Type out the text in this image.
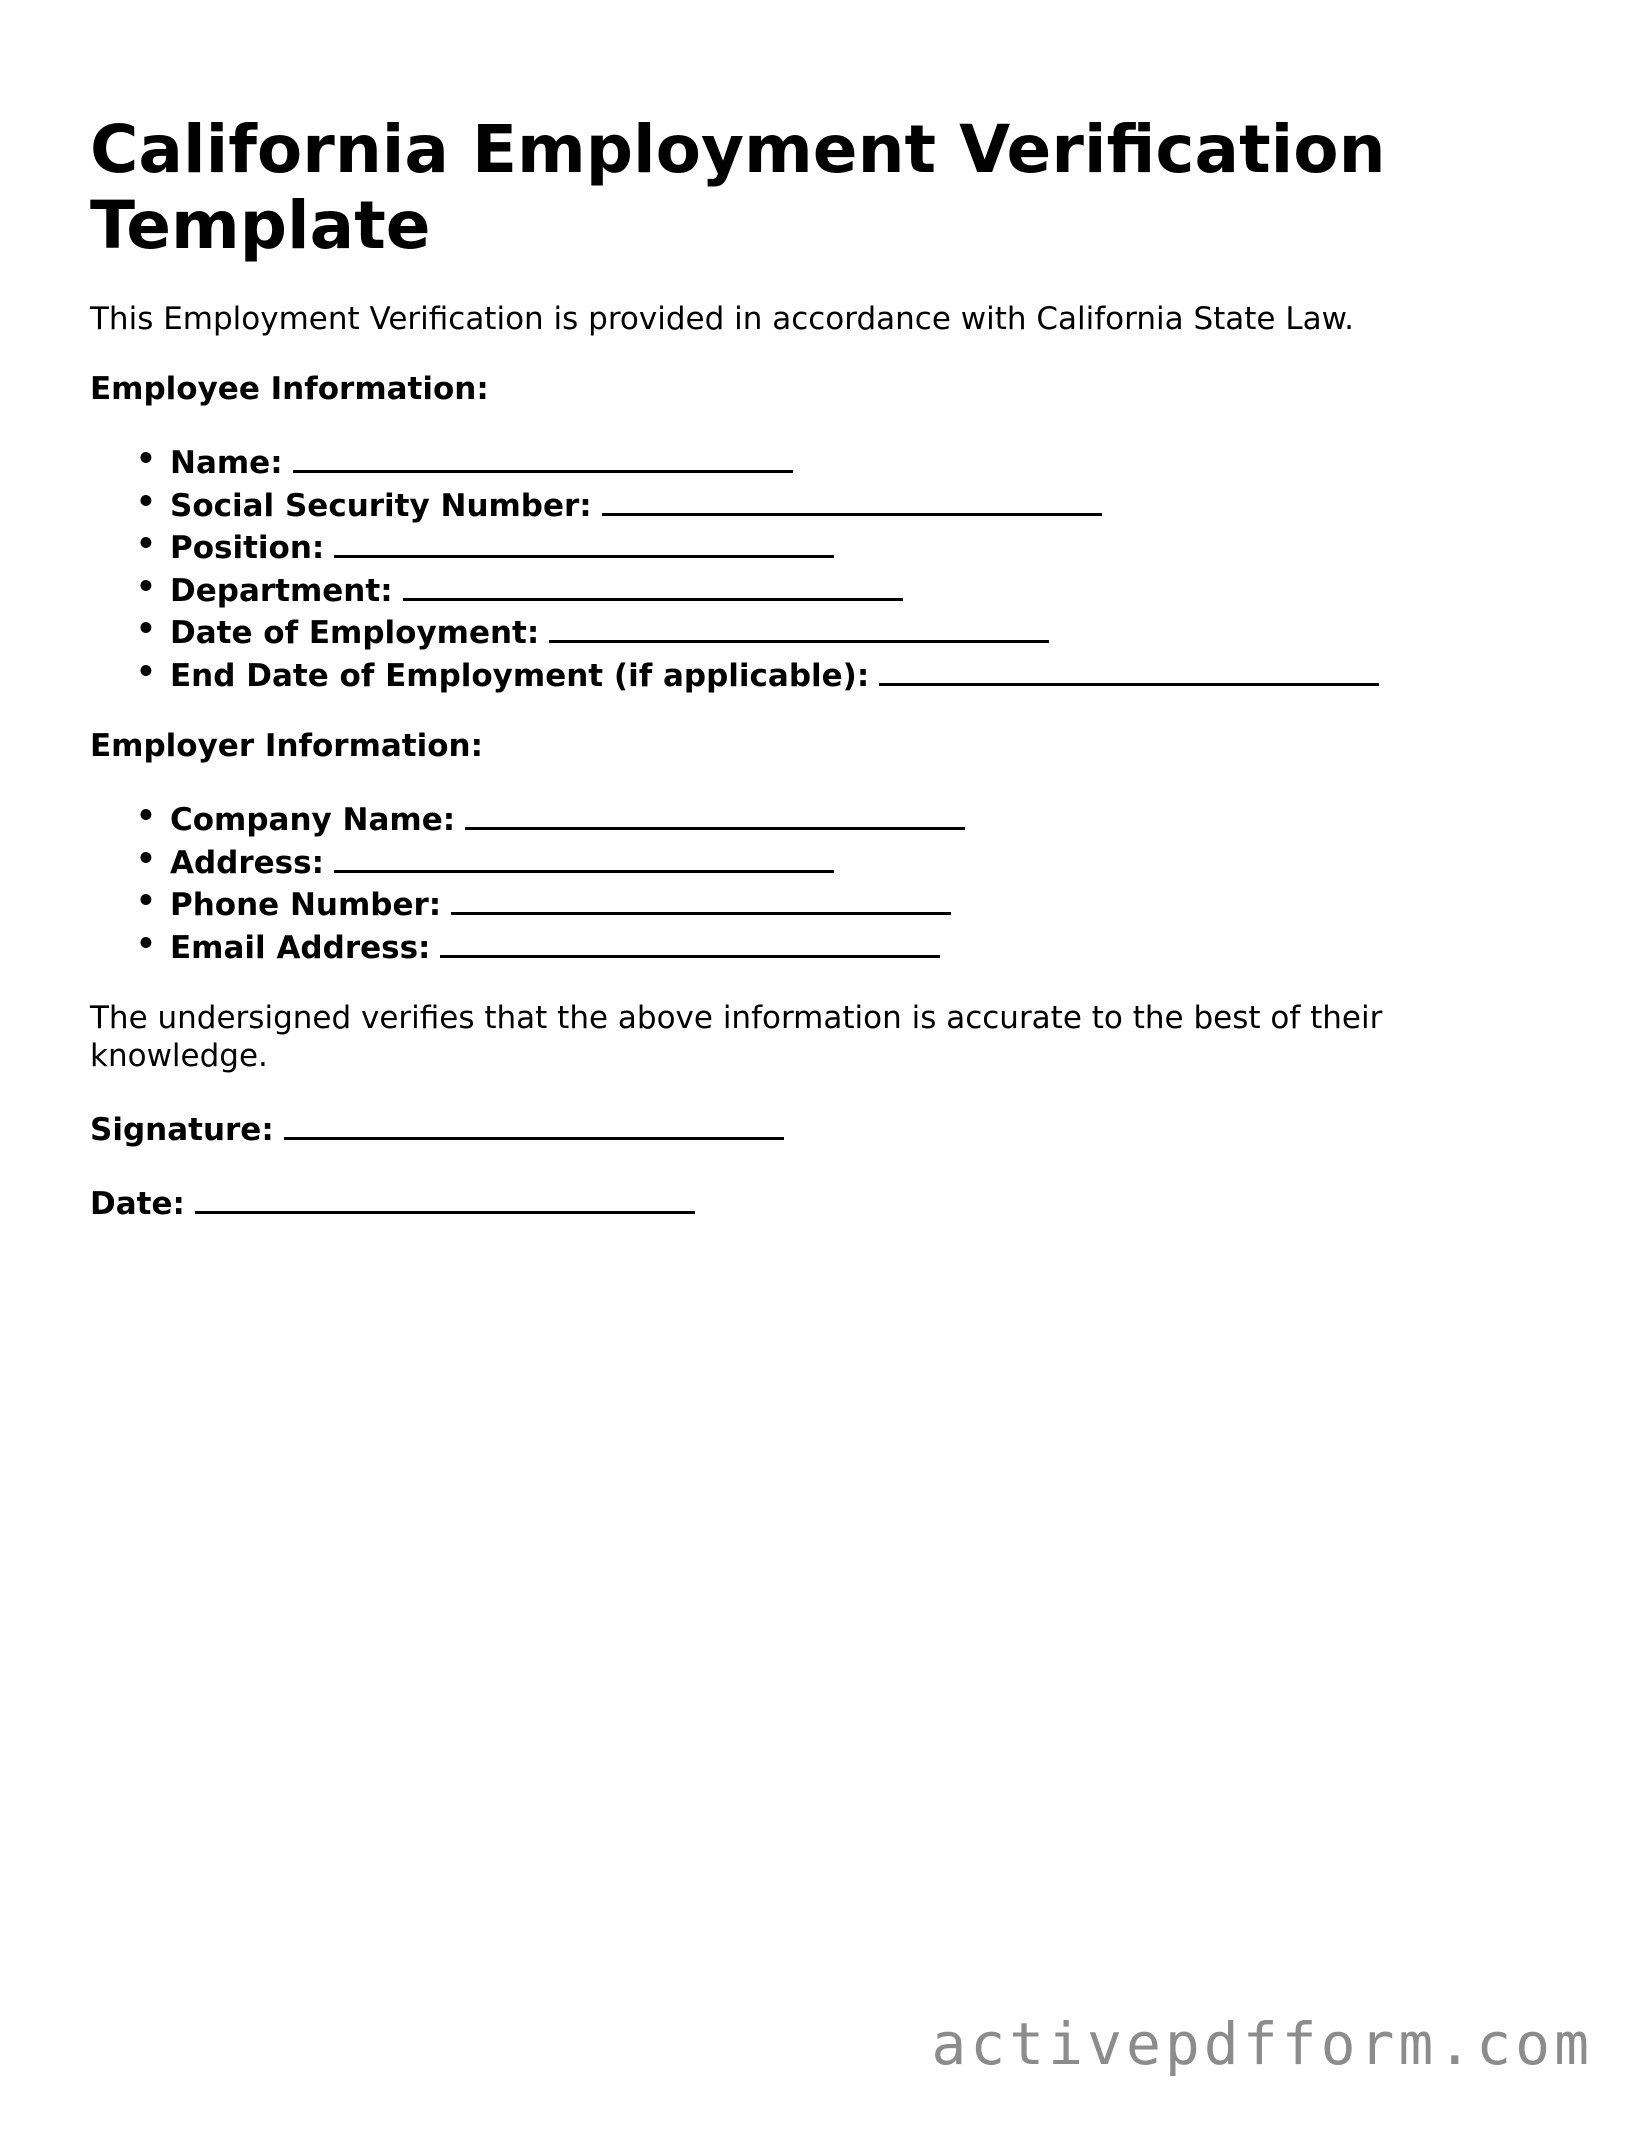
California Employment Verification Template

This Employment Verification is provided in accordance with California State Law.

Employee Information:

• Name:
• Social Security Number:
• Position:
• Department:
• Date of Employment:
• End Date of Employment (if applicable):

Employer Information:

• Company Name:
• Address:
• Phone Number:
• Email Address:

The undersigned verifies that the above information is accurate to the best of their knowledge.

Signature:

Date:

activepdfform.com
